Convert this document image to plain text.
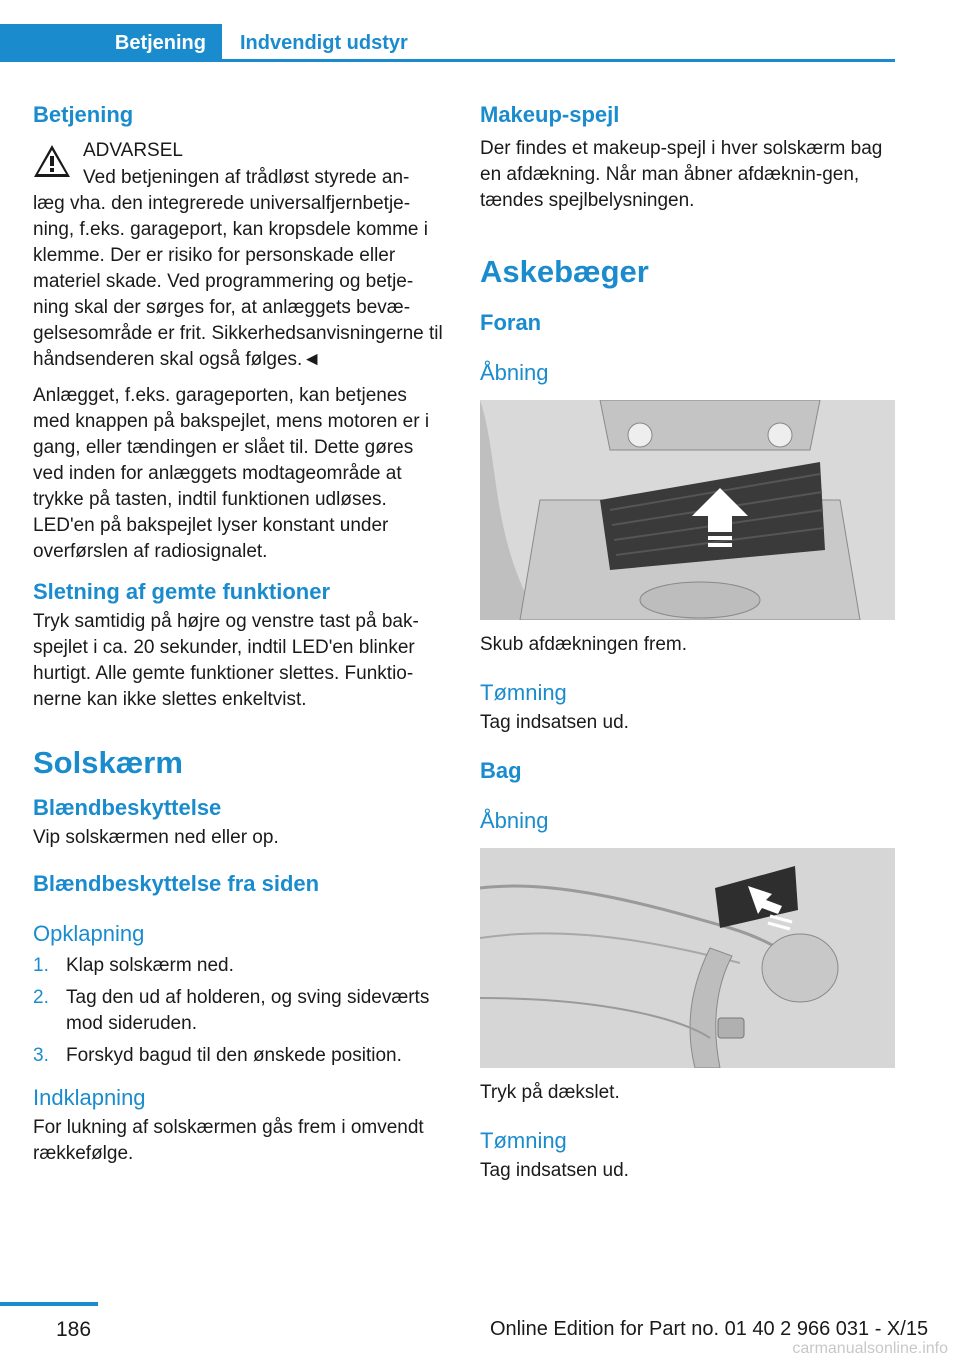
Betjening	Indvendigt udstyr
Betjening

ADVARSEL

Ved betjeningen af trådløst styrede an-

læg vha. den integrerede universalfjernbetje-ning, f.eks. garageport, kan kropsdele komme i klemme. Der er risiko for personskade eller materiel skade. Ved programmering og betje-ning skal der sørges for, at anlæggets bevæ-gelsesområde er frit. Sikkerhedsanvisningerne til håndsenderen skal også følges.◄

Anlægget, f.eks. garageporten, kan betjenes med knappen på bakspejlet, mens motoren er i gang, eller tændingen er slået til. Dette gøres ved inden for anlæggets modtageområde at trykke på tasten, indtil funktionen udløses. LED'en på bakspejlet lyser konstant under overførslen af radiosignalet.

Sletning af gemte funktioner

Tryk samtidig på højre og venstre tast på bak-spejlet i ca. 20 sekunder, indtil LED'en blinker hurtigt. Alle gemte funktioner slettes. Funktio-nerne kan ikke slettes enkeltvist.

Solskærm
Blændbeskyttelse

Vip solskærmen ned eller op.

Blændbeskyttelse fra siden
Opklapning
1. Klap solskærm ned.
2. Tag den ud af holderen, og sving sideværts mod sideruden.
3. Forskyd bagud til den ønskede position.
Indklapning

For lukning af solskærmen gås frem i omvendt rækkefølge.

Makeup-spejl

Der findes et makeup-spejl i hver solskærm bag en afdækning. Når man åbner afdæknin-gen, tændes spejlbelysningen.

Askebæger
Foran
Åbning

Skub afdækningen frem.

Tømning

Tag indsatsen ud.

Bag
Åbning

Tryk på dækslet.

Tømning

Tag indsatsen ud.

186	Online Edition for Part no. 01 40 2 966 031 - X/15
carmanualsonline.info
